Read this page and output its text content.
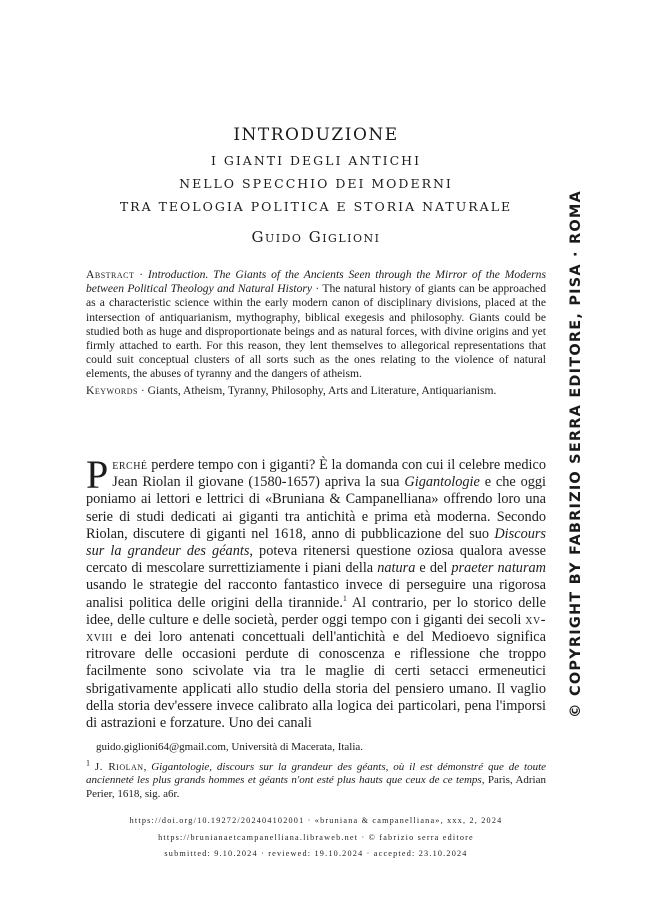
INTRODUZIONE
I GIANTI DEGLI ANTICHI
NELLO SPECCHIO DEI MODERNI
TRA TEOLOGIA POLITICA E STORIA NATURALE
Guido Giglioni

Abstract · Introduction. The Giants of the Ancients Seen through the Mirror of the Moderns between Political Theology and Natural History · The natural history of giants can be approached as a characteristic science within the early modern canon of disciplinary divisions, placed at the intersection of antiquarianism, mythography, biblical exegesis and philosophy. Giants could be studied both as huge and disproportionate beings and as natural forces, with divine origins and yet firmly attached to earth. For this reason, they lent themselves to allegorical representations that could suit conceptual clusters of all sorts such as the ones relating to the violence of natural elements, the abuses of tyranny and the dangers of atheism.

Keywords · Giants, Atheism, Tyranny, Philosophy, Arts and Literature, Antiquarianism.

Perché perdere tempo con i giganti? È la domanda con cui il celebre medico Jean Riolan il giovane (1580-1657) apriva la sua Gigantologie e che oggi poniamo ai lettori e lettrici di «Bruniana & Campanelliana» offrendo loro una serie di studi dedicati ai giganti tra antichità e prima età moderna. Secondo Riolan, discutere di giganti nel 1618, anno di pubblicazione del suo Discours sur la grandeur des géants, poteva ritenersi questione oziosa qualora avesse cercato di mescolare surrettiziamente i piani della natura e del praeter naturam usando le strategie del racconto fantastico invece di perseguire una rigorosa analisi politica delle origini della tirannide.$^1$ Al contrario, per lo storico delle idee, delle culture e delle società, perder oggi tempo con i giganti dei secoli xv-xviii e dei loro antenati concettuali dell'antichità e del Medioevo significa ritrovare delle occasioni perdute di conoscenza e riflessione che troppo facilmente sono scivolate via tra le maglie di certi setacci ermeneutici sbrigativamente applicati allo studio della storia del pensiero umano. Il vaglio della storia dev'essere invece calibrato alla logica dei particolari, pena l'imporsi di astrazioni e forzature. Uno dei canali

guido.giglioni64@gmail.com, Università di Macerata, Italia.

$^1$ J. Riolan, Gigantologie, discours sur la grandeur des géants, où il est démonstré que de toute ancienneté les plus grands hommes et géants n'ont esté plus hauts que ceux de ce temps, Paris, Adrian Perier, 1618, sig. a6r.

https://doi.org/10.19272/202404102001 · «bruniana & campanelliana», xxx, 2, 2024
https://brunianaetcampanelliana.libraweb.net · © fabrizio serra editore
submitted: 9.10.2024 · reviewed: 19.10.2024 · accepted: 23.10.2024
© COPYRIGHT BY FABRIZIO SERRA EDITORE, PISA · ROMA
